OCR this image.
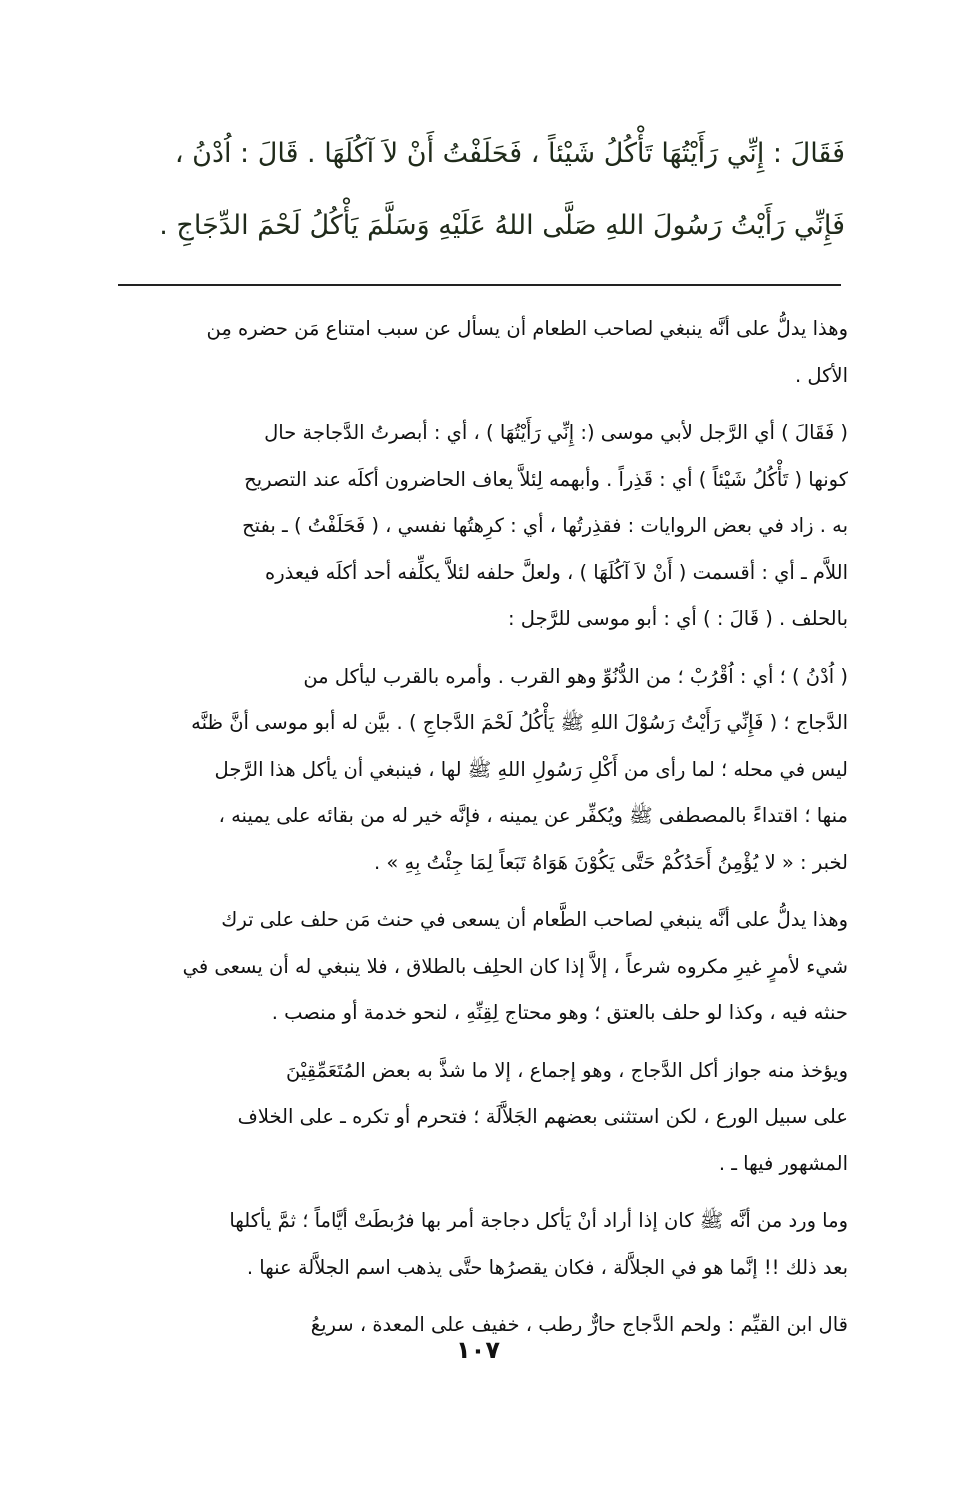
فَقَالَ : إِنِّي رَأَيْتُهَا تَأْكُلُ شَيْئاً ، فَحَلَفْتُ أَنْ لاَ آكُلَهَا . قَالَ : اُدْنُ ،
فَإِنِّي رَأَيْتُ رَسُولَ اللهِ صَلَّى اللهُ عَلَيْهِ وَسَلَّمَ يَأْكُلُ لَحْمَ الدِّجَاجِ .
وهذا يدلُّ على أنَّه ينبغي لصاحب الطعام أن يسأل عن سبب امتناع مَن حضره مِن
الأكل .
( فَقَالَ ) أي الرَّجل لأبي موسى (: إِنِّي رَأَيْتُهَا ) ، أي : أبصرتُ الدَّجاجة حال
كونها ( تَأْكُلُ شَيْئاً ) أي : قَذِراً . وأبهمه لِئلاَّ يعاف الحاضرون أكلَه عند التصريح
به . زاد في بعض الروايات : فقذِرتُها ، أي : كرِهتُها نفسي ، ( فَحَلَفْتُ ) ـ بفتح
اللاَّم ـ أي : أقسمت ( أَنْ لاَ آكُلَهَا ) ، ولعلَّ حلفه لئلاَّ يكلِّفه أحد أكلَه فيعذره
بالحلف . ( قَالَ : ) أي : أبو موسى للرَّجل :
( اُدْنُ ) ؛ أي : اُقْرُبْ ؛ من الدُّنُوِّ وهو القرب . وأمره بالقرب ليأكل من
الدَّجاج ؛ ( فَإِنِّي رَأَيْتُ رَسُوْلَ اللهِ ﷺ يَأْكُلُ لَحْمَ الدَّجاجِ ) . بيَّن له أبو موسى أنَّ ظنَّه
ليس في محله ؛ لما رأى من أَكْلِ رَسُولِ اللهِ ﷺ لها ، فينبغي أن يأكل هذا الرَّجل
منها ؛ اقتداءً بالمصطفى ﷺ ويُكفِّر عن يمينه ، فإنَّه خير له من بقائه على يمينه ،
لخبر : « لا يُؤْمِنُ أَحَدُكُمْ حَتَّى يَكُوْنَ هَوَاهُ تَبَعاً لِمَا جِئْتُ بِهِ » .
وهذا يدلُّ على أنَّه ينبغي لصاحب الطَّعام أن يسعى في حنث مَن حلف على ترك
شيء لأمرٍ غيرِ مكروه شرعاً ، إلاَّ إذا كان الحلِف بالطلاق ، فلا ينبغي له أن يسعى في
حنثه فيه ، وكذا لو حلف بالعتق ؛ وهو محتاج لِقِنِّهِ ، لنحو خدمة أو منصب .
ويؤخذ منه جواز أكل الدَّجاج ، وهو إجماع ، إلا ما شذَّ به بعض المُتَعَمِّقِيْنَ
على سبيل الورع ، لكن استثنى بعضهم الجَلاَّلَة ؛ فتحرم أو تكره ـ على الخلاف
المشهور فيها ـ .
وما ورد من أنَّه ﷺ كان إذا أراد أنْ يَأكل دجاجة أمر بها فرُبطَتْ أيَّاماً ؛ ثمَّ يأكلها
بعد ذلك !! إنَّما هو في الجلاَّلة ، فكان يقصرُها حتَّى يذهب اسم الجلاَّلة عنها .
قال ابن القيِّم : ولحم الدَّجاج حارٌّ رطب ، خفيف على المعدة ، سريعُ
١٠٧
